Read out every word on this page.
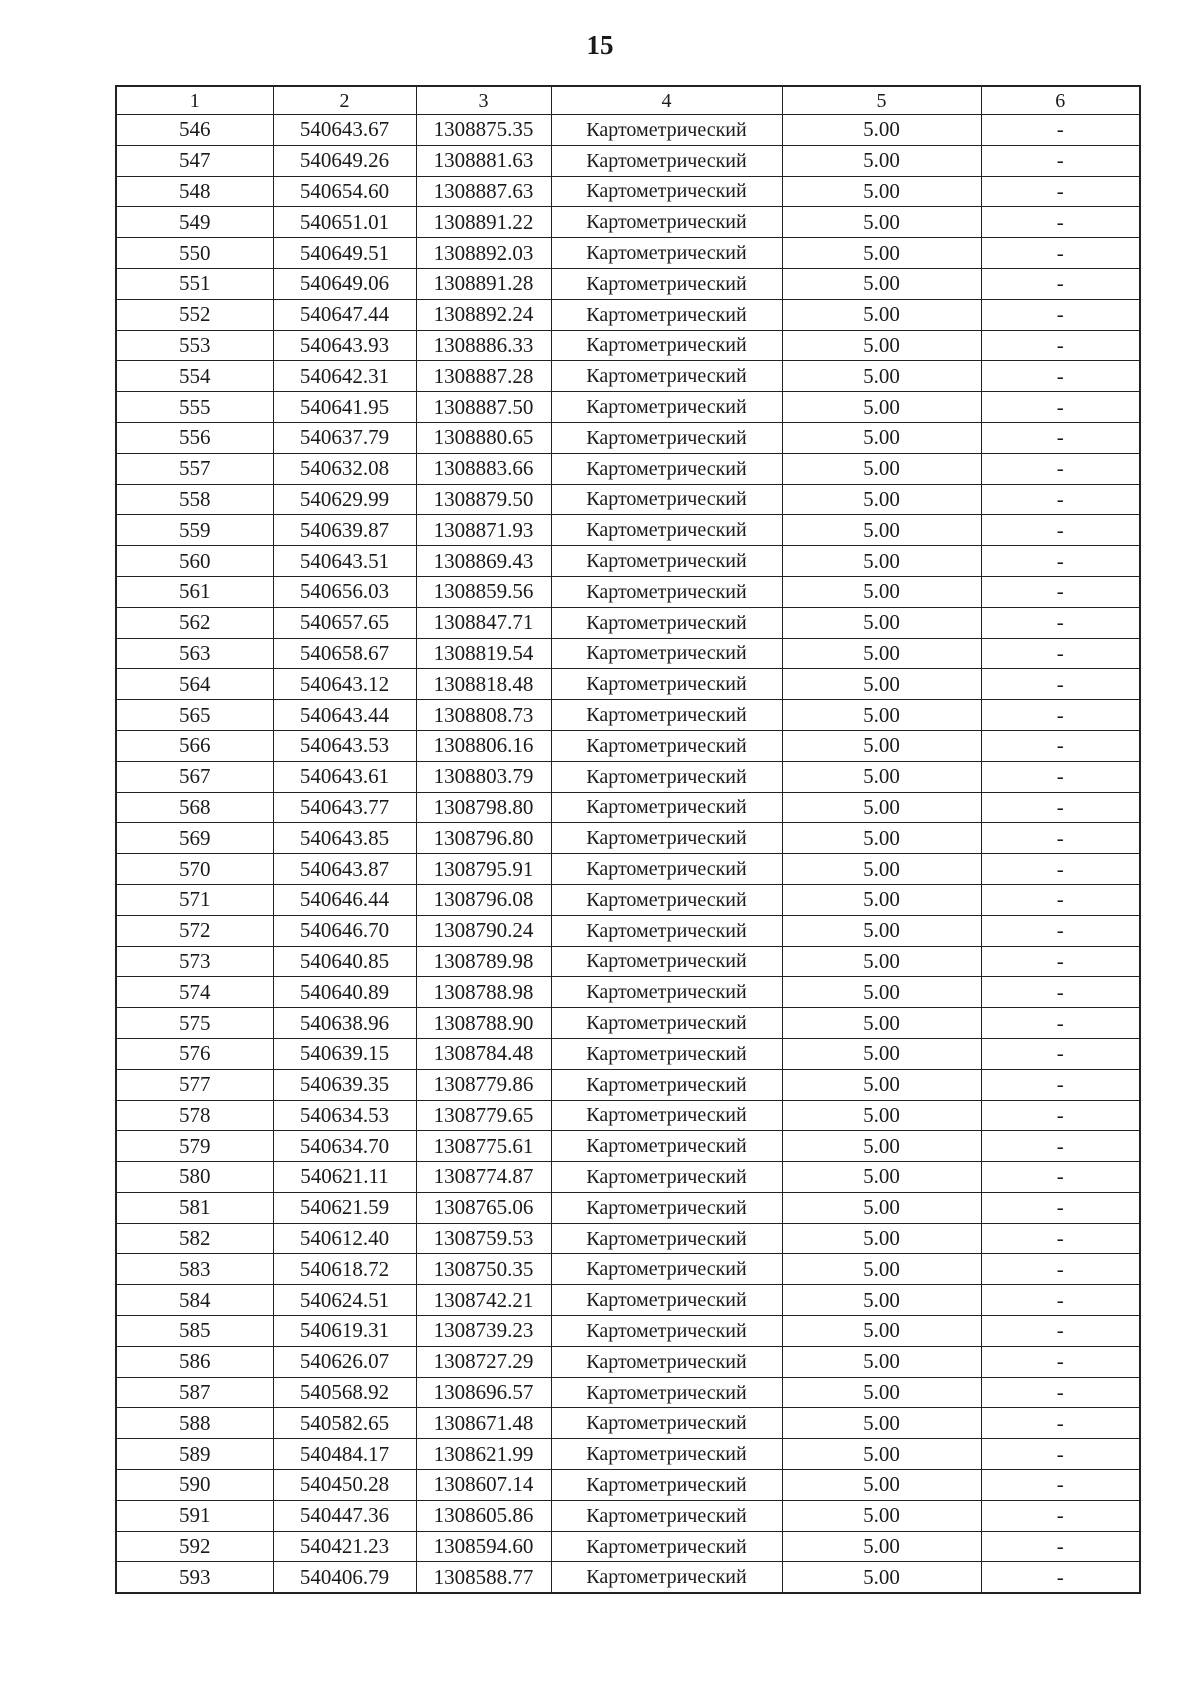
15
1	2	3	4	5	6
546	540643.67	1308875.35	Картометрический	5.00	-
547	540649.26	1308881.63	Картометрический	5.00	-
548	540654.60	1308887.63	Картометрический	5.00	-
549	540651.01	1308891.22	Картометрический	5.00	-
550	540649.51	1308892.03	Картометрический	5.00	-
551	540649.06	1308891.28	Картометрический	5.00	-
552	540647.44	1308892.24	Картометрический	5.00	-
553	540643.93	1308886.33	Картометрический	5.00	-
554	540642.31	1308887.28	Картометрический	5.00	-
555	540641.95	1308887.50	Картометрический	5.00	-
556	540637.79	1308880.65	Картометрический	5.00	-
557	540632.08	1308883.66	Картометрический	5.00	-
558	540629.99	1308879.50	Картометрический	5.00	-
559	540639.87	1308871.93	Картометрический	5.00	-
560	540643.51	1308869.43	Картометрический	5.00	-
561	540656.03	1308859.56	Картометрический	5.00	-
562	540657.65	1308847.71	Картометрический	5.00	-
563	540658.67	1308819.54	Картометрический	5.00	-
564	540643.12	1308818.48	Картометрический	5.00	-
565	540643.44	1308808.73	Картометрический	5.00	-
566	540643.53	1308806.16	Картометрический	5.00	-
567	540643.61	1308803.79	Картометрический	5.00	-
568	540643.77	1308798.80	Картометрический	5.00	-
569	540643.85	1308796.80	Картометрический	5.00	-
570	540643.87	1308795.91	Картометрический	5.00	-
571	540646.44	1308796.08	Картометрический	5.00	-
572	540646.70	1308790.24	Картометрический	5.00	-
573	540640.85	1308789.98	Картометрический	5.00	-
574	540640.89	1308788.98	Картометрический	5.00	-
575	540638.96	1308788.90	Картометрический	5.00	-
576	540639.15	1308784.48	Картометрический	5.00	-
577	540639.35	1308779.86	Картометрический	5.00	-
578	540634.53	1308779.65	Картометрический	5.00	-
579	540634.70	1308775.61	Картометрический	5.00	-
580	540621.11	1308774.87	Картометрический	5.00	-
581	540621.59	1308765.06	Картометрический	5.00	-
582	540612.40	1308759.53	Картометрический	5.00	-
583	540618.72	1308750.35	Картометрический	5.00	-
584	540624.51	1308742.21	Картометрический	5.00	-
585	540619.31	1308739.23	Картометрический	5.00	-
586	540626.07	1308727.29	Картометрический	5.00	-
587	540568.92	1308696.57	Картометрический	5.00	-
588	540582.65	1308671.48	Картометрический	5.00	-
589	540484.17	1308621.99	Картометрический	5.00	-
590	540450.28	1308607.14	Картометрический	5.00	-
591	540447.36	1308605.86	Картометрический	5.00	-
592	540421.23	1308594.60	Картометрический	5.00	-
593	540406.79	1308588.77	Картометрический	5.00	-
